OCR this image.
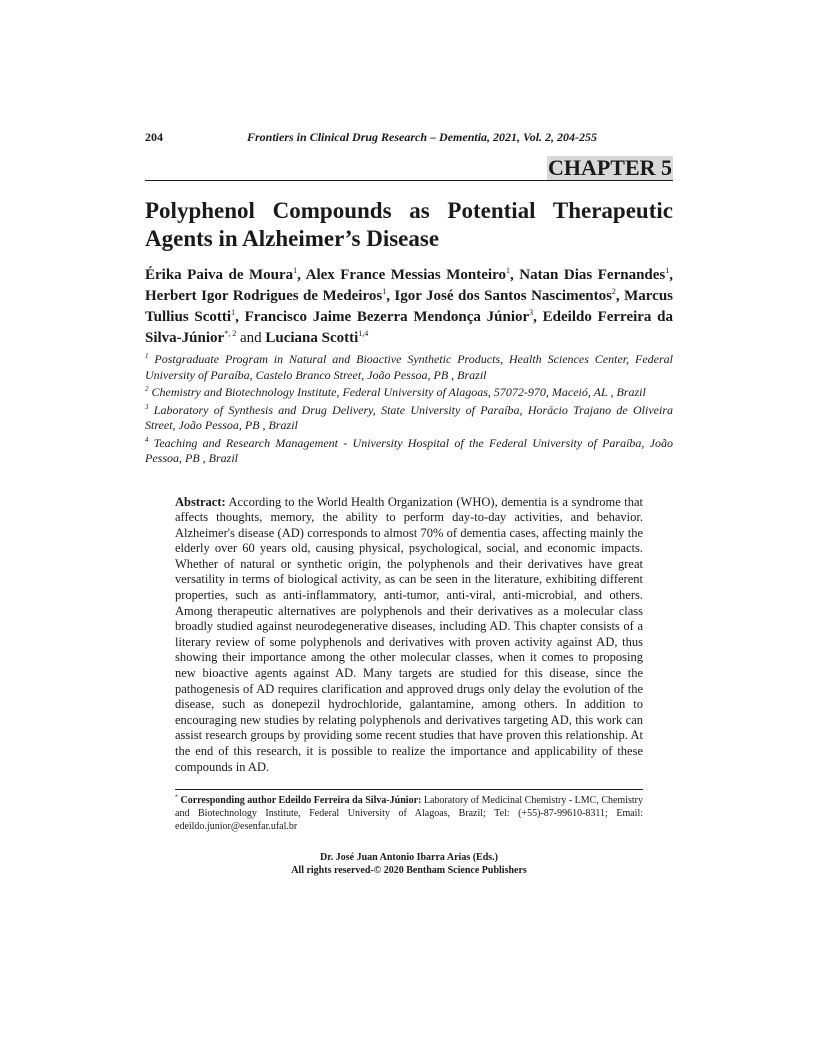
204	Frontiers in Clinical Drug Research – Dementia, 2021, Vol. 2, 204-255
CHAPTER 5
Polyphenol Compounds as Potential Therapeutic Agents in Alzheimer’s Disease
Érika Paiva de Moura$^1$, Alex France Messias Monteiro$^1$, Natan Dias Fernandes$^1$, Herbert Igor Rodrigues de Medeiros$^1$, Igor José dos Santos Nascimentos$^2$, Marcus Tullius Scotti$^1$, Francisco Jaime Bezerra Mendonça Júnior$^3$, Edeildo Ferreira da Silva-Júnior$^{*, 2}$ and Luciana Scotti$^{1,4}$
$^1$ Postgraduate Program in Natural and Bioactive Synthetic Products, Health Sciences Center, Federal University of Paraíba, Castelo Branco Street, João Pessoa, PB , Brazil
$^2$ Chemistry and Biotechnology Institute, Federal University of Alagoas, 57072-970, Maceió, AL , Brazil
$^3$ Laboratory of Synthesis and Drug Delivery, State University of Paraíba, Horácio Trajano de Oliveira Street, João Pessoa, PB , Brazil
$^4$ Teaching and Research Management - University Hospital of the Federal University of Paraíba, João Pessoa, PB , Brazil
Abstract: According to the World Health Organization (WHO), dementia is a syndrome that affects thoughts, memory, the ability to perform day-to-day activities, and behavior. Alzheimer's disease (AD) corresponds to almost 70% of dementia cases, affecting mainly the elderly over 60 years old, causing physical, psychological, social, and economic impacts. Whether of natural or synthetic origin, the polyphenols and their derivatives have great versatility in terms of biological activity, as can be seen in the literature, exhibiting different properties, such as anti-inflammatory, anti-tumor, anti-viral, anti-microbial, and others. Among therapeutic alternatives are polyphenols and their derivatives as a molecular class broadly studied against neurodegenerative diseases, including AD. This chapter consists of a literary review of some polyphenols and derivatives with proven activity against AD, thus showing their importance among the other molecular classes, when it comes to proposing new bioactive agents against AD. Many targets are studied for this disease, since the pathogenesis of AD requires clarification and approved drugs only delay the evolution of the disease, such as donepezil hydrochloride, galantamine, among others. In addition to encouraging new studies by relating polyphenols and derivatives targeting AD, this work can assist research groups by providing some recent studies that have proven this relationship. At the end of this research, it is possible to realize the importance and applicability of these compounds in AD.
* Corresponding author Edeildo Ferreira da Silva-Júnior: Laboratory of Medicinal Chemistry - LMC, Chemistry and Biotechnology Institute, Federal University of Alagoas, Brazil; Tel: (+55)-87-99610-8311; Email: edeildo.junior@esenfar.ufal.br
Dr. José Juan Antonio Ibarra Arias (Eds.)
All rights reserved-© 2020 Bentham Science Publishers
